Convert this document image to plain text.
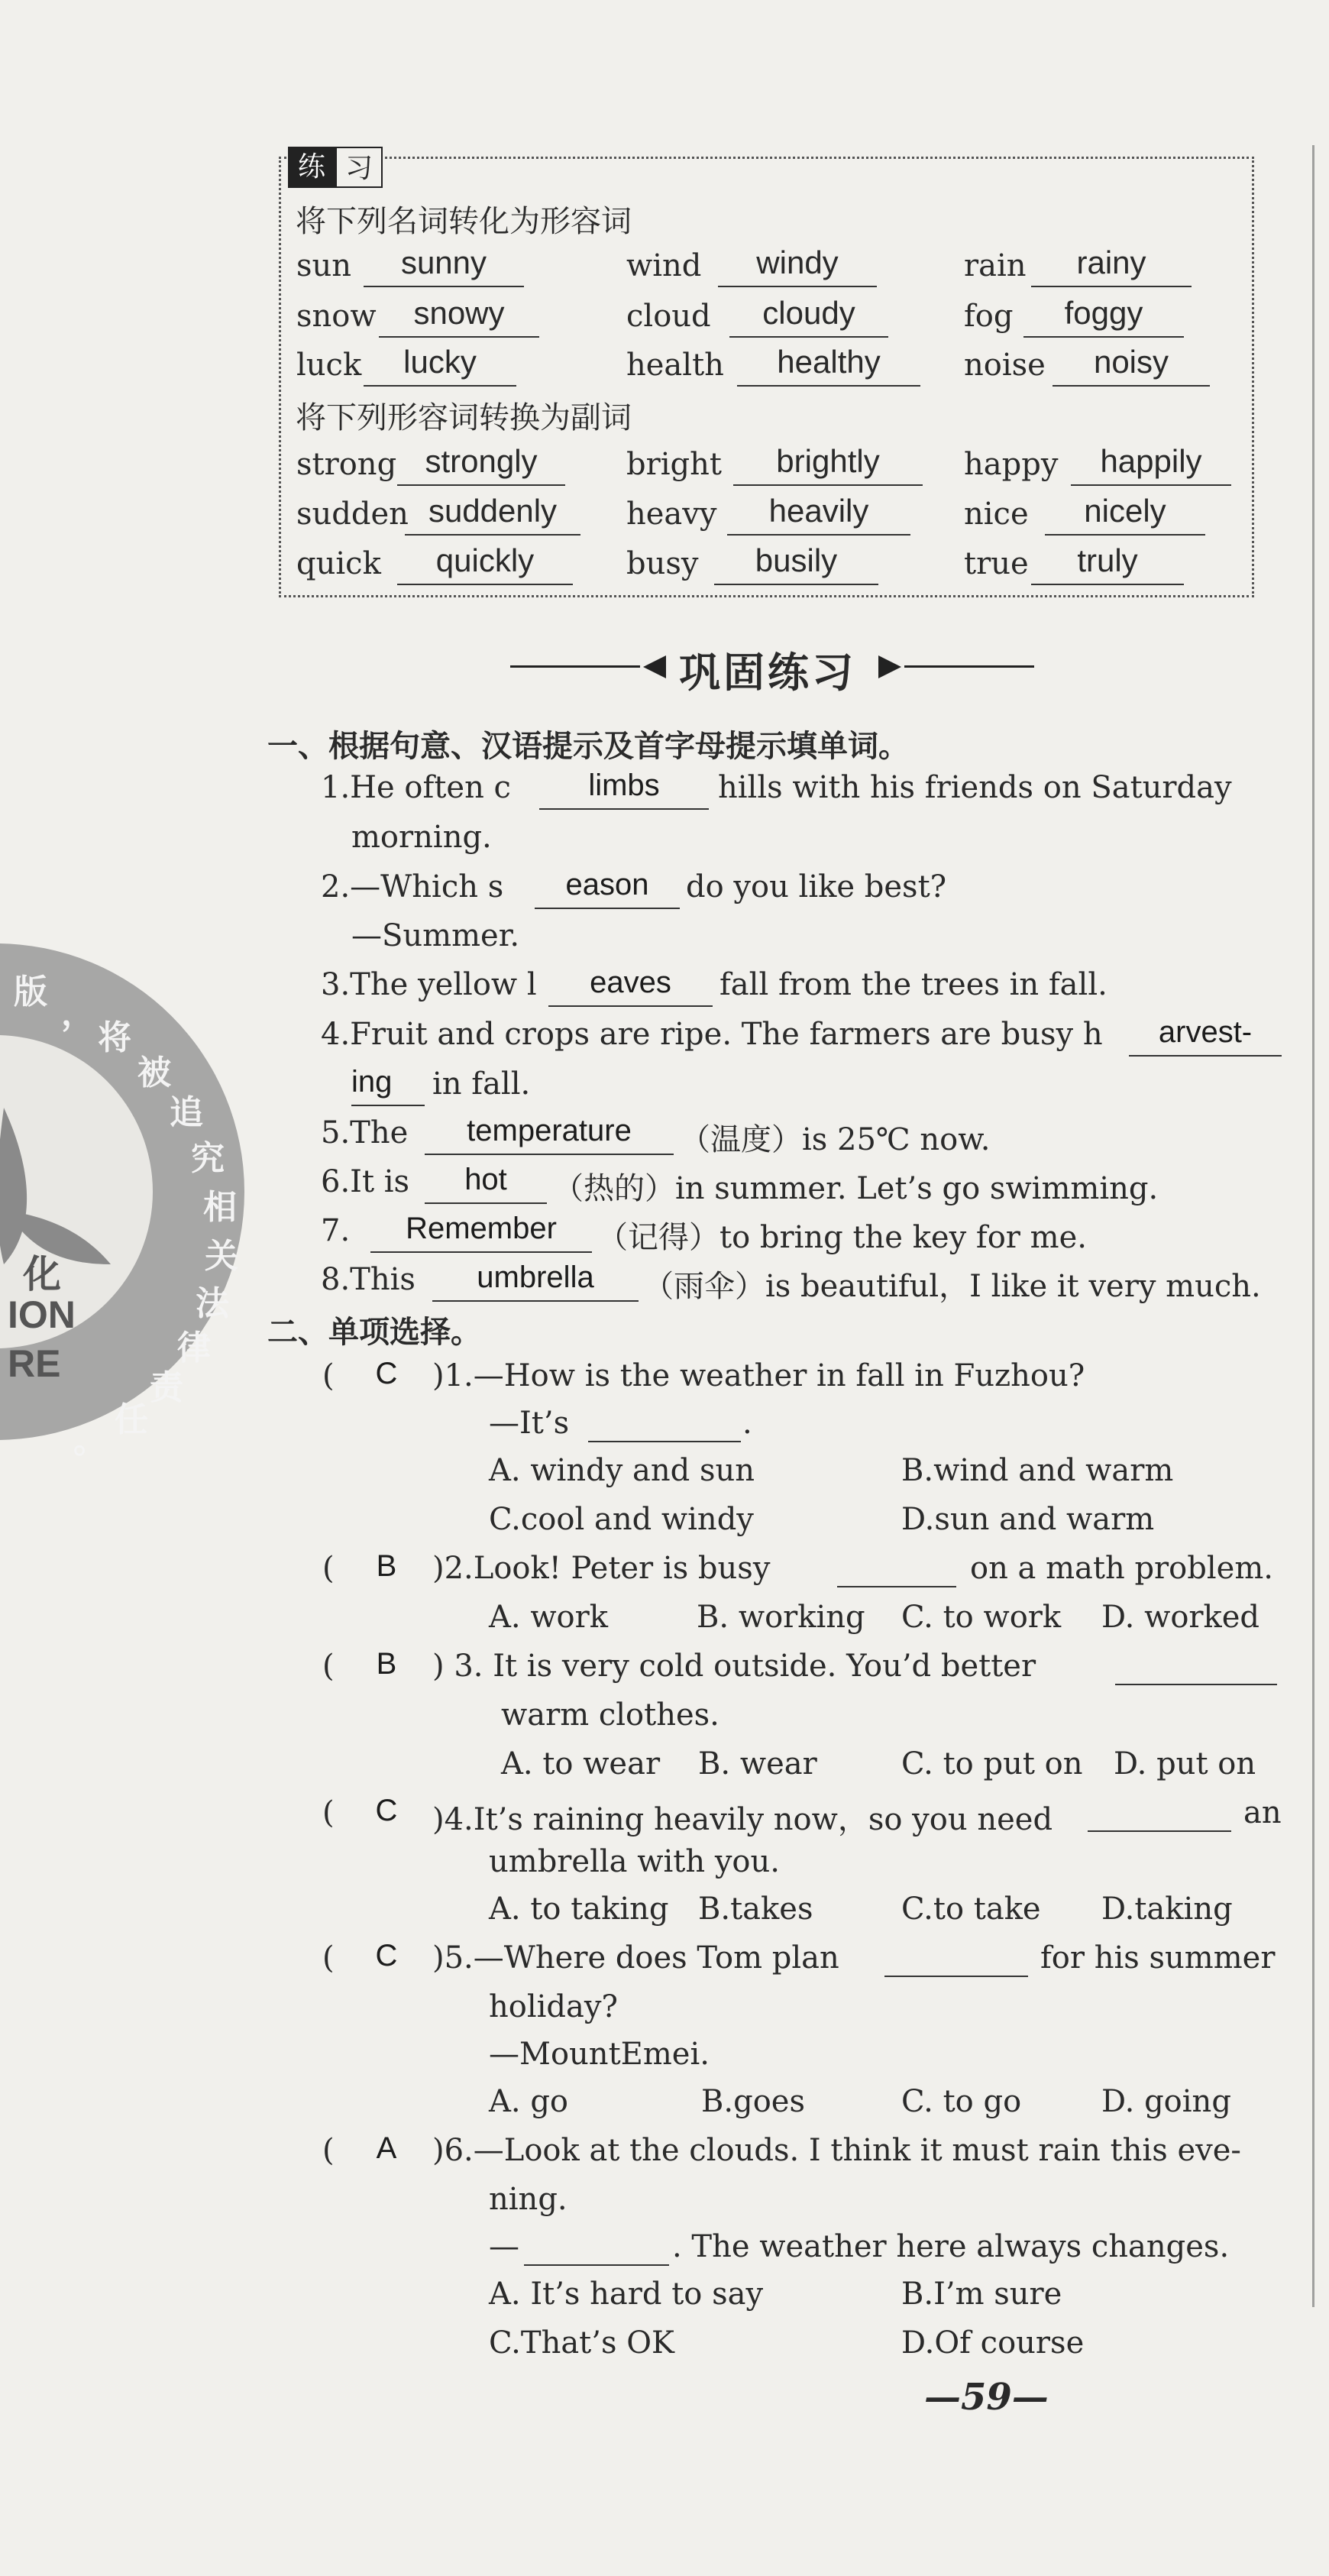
版
，
将
被
追
究
相
关
法
律
责
任
。
化
ION
RE
练 习
将下列名词转化为形容词
sun	sunny	wind	windy	rain	rainy
snow	snowy	cloud	cloudy	fog	foggy
luck	lucky	health	healthy	noise	noisy
将下列形容词转换为副词
strong strongly	bright	brightly	happy	happily
sudden suddenly	heavy	heavily	nice	nicely
quick	quickly	busy	busily	true	truly
巩固练习
一、根据句意、汉语提示及首字母提示填单词。
1.He often c	limbs	hills with his friends on Saturday
morning.
2.—Which s	eason	do you like best?
—Summer.
3.The yellow l	eaves	fall from the trees in fall.
4.Fruit and crops are ripe. The farmers are busy h	arvest-
ing	in fall.
5.The	temperature	（温度）is 25℃ now.
6.It is	hot	（热的）in summer. Let’s go swimming.
7.	Remember	（记得）to bring the key for me.
8.This	umbrella	（雨伞）is beautiful，I like it very much.
二、单项选择。
(	C	)1.—How is the weather in fall in Fuzhou?
—It’s	.
A. windy and sun	B.wind and warm
C.cool and windy	D.sun and warm
(	B	)2.Look! Peter is busy	on a math problem.
A. work	B. working C. to work D. worked
(	B	) 3. It is very cold outside. You’d better
warm clothes.
A. to wear B. wear	C. to put on D. put on
(	C	)4.It’s raining heavily now，so you need	an
umbrella with you.
A. to taking B.takes	C.to take D.taking
(	C	)5.—Where does Tom plan	for his summer
holiday?
—MountEmei.
A. go	B.goes	C. to go	D. going
(	A	)6.—Look at the clouds. I think it must rain this eve-
ning.
—	. The weather here always changes.
A. It’s hard to say	B.I’m sure
C.That’s OK	D.Of course
—59—
